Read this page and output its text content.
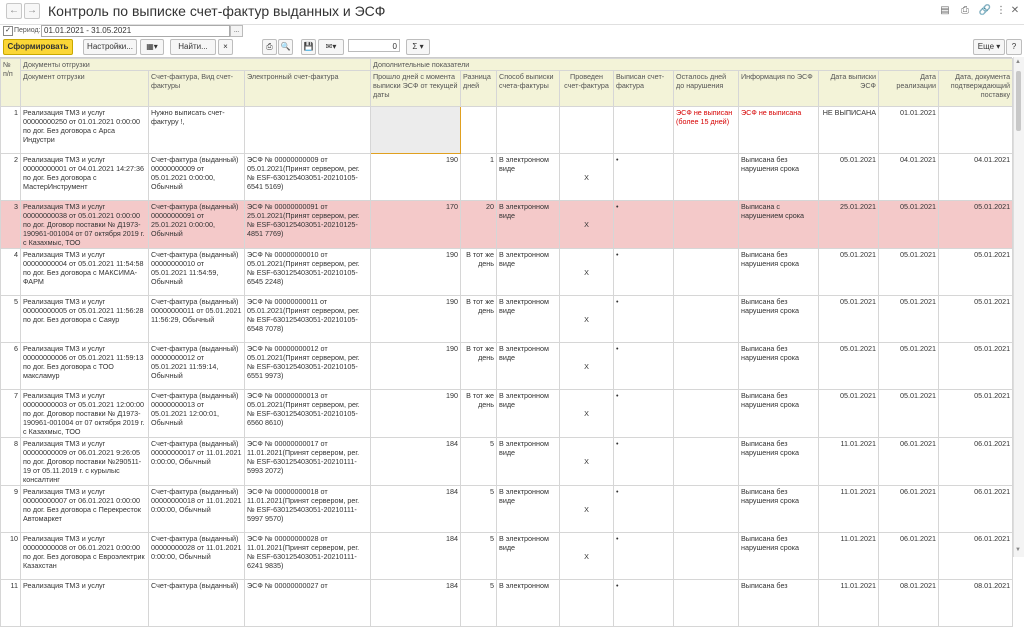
← → Контроль по выписке счет-фактур выданных и ЭСФ	▤	⎙ 🔗 ⋮ ✕
✓ Период: 01.01.2021 - 31.05.2021	...
Сформировать	Настройки...	▦▾	Найти...	×	⎙ 🔍	💾	✉▾	0	Σ ▾	Еще ▾	?
№ п/п	Документы отгрузки			Дополнительные показатели									
	Документ отгрузки	Счет-фактура, Вид счет-фактуры	Электронный счет-фактура	Прошло дней с момента выписки ЭСФ от текущей даты	Разница дней	Способ выписки счета-фактуры	Проведен счет-фактура	Выписан счет-фактура	Осталось дней до нарушения	Информация по ЭСФ	Дата выписки ЭСФ	Дата реализации	Дата, документа подтверждающий поставку
1	Реализация ТМЗ и услуг 00000000250 от 01.01.2021 0:00:00 по дог. Без договора с Арса Индустри	Нужно выписать счет-фактуру !,							ЭСФ не выписан (более 15 дней)	ЭСФ не выписана	НЕ ВЫПИСАНА	01.01.2021	
2	Реализация ТМЗ и услуг 00000000001 от 04.01.2021 14:27:36 по дог. Без договора с МастерИнструмент	Счет-фактура (выданный) 00000000009 от 05.01.2021 0:00:00, Обычный	ЭСФ № 00000000009 от 05.01.2021(Принят сервером, рег. № ESF-630125403051-20210105-6541 5169)	190	1	В электронном виде	Х	•		Выписана без нарушения срока	05.01.2021	04.01.2021	04.01.2021
3	Реализация ТМЗ и услуг 00000000038 от 05.01.2021 0:00:00 по дог. Договор поставки № Д1973-190961-001004 от 07 октября 2019 г. с Казахмыс, ТОО	Счет-фактура (выданный) 00000000091 от 25.01.2021 0:00:00, Обычный	ЭСФ № 00000000091 от 25.01.2021(Принят сервером, рег. № ESF-630125403051-20210125-4851 7769)	170	20	В электронном виде	Х	•		Выписана с нарушением срока	25.01.2021	05.01.2021	05.01.2021
4	Реализация ТМЗ и услуг 00000000004 от 05.01.2021 11:54:58 по дог. Без договора с МАКСИМА-ФАРМ	Счет-фактура (выданный) 00000000010 от 05.01.2021 11:54:59, Обычный	ЭСФ № 00000000010 от 05.01.2021(Принят сервером, рег. № ESF-630125403051-20210105-6545 2248)	190	В тот же день	В электронном виде	Х	•		Выписана без нарушения срока	05.01.2021	05.01.2021	05.01.2021
5	Реализация ТМЗ и услуг 00000000005 от 05.01.2021 11:56:28 по дог. Без договора с Саяур	Счет-фактура (выданный) 00000000011 от 05.01.2021 11:56:29, Обычный	ЭСФ № 00000000011 от 05.01.2021(Принят сервером, рег. № ESF-630125403051-20210105-6548 7078)	190	В тот же день	В электронном виде	Х	•		Выписана без нарушения срока	05.01.2021	05.01.2021	05.01.2021
6	Реализация ТМЗ и услуг 00000000006 от 05.01.2021 11:59:13 по дог. Без договора с ТОО максламур	Счет-фактура (выданный) 00000000012 от 05.01.2021 11:59:14, Обычный	ЭСФ № 00000000012 от 05.01.2021(Принят сервером, рег. № ESF-630125403051-20210105-6551 9973)	190	В тот же день	В электронном виде	Х	•		Выписана без нарушения срока	05.01.2021	05.01.2021	05.01.2021
7	Реализация ТМЗ и услуг 00000000003 от 05.01.2021 12:00:00 по дог. Договор поставки № Д1973-190961-001004 от 07 октября 2019 г. с Казахмыс, ТОО	Счет-фактура (выданный) 00000000013 от 05.01.2021 12:00:01, Обычный	ЭСФ № 00000000013 от 05.01.2021(Принят сервером, рег. № ESF-630125403051-20210105-6560 8610)	190	В тот же день	В электронном виде	Х	•		Выписана без нарушения срока	05.01.2021	05.01.2021	05.01.2021
8	Реализация ТМЗ и услуг 00000000009 от 06.01.2021 9:26:05 по дог. Договор поставки №290511-19 от 05.11.2019 г. с курылыс консалтинг	Счет-фактура (выданный) 00000000017 от 11.01.2021 0:00:00, Обычный	ЭСФ № 00000000017 от 11.01.2021(Принят сервером, рег. № ESF-630125403051-20210111-5993 2072)	184	5	В электронном виде	Х	•		Выписана без нарушения срока	11.01.2021	06.01.2021	06.01.2021
9	Реализация ТМЗ и услуг 00000000007 от 06.01.2021 0:00:00 по дог. Без договора с Перекресток Автомаркет	Счет-фактура (выданный) 00000000018 от 11.01.2021 0:00:00, Обычный	ЭСФ № 00000000018 от 11.01.2021(Принят сервером, рег. № ESF-630125403051-20210111-5997 9570)	184	5	В электронном виде	Х	•		Выписана без нарушения срока	11.01.2021	06.01.2021	06.01.2021
10	Реализация ТМЗ и услуг 00000000008 от 06.01.2021 0:00:00 по дог. Без договора с Евроэлектрик Казахстан	Счет-фактура (выданный) 00000000028 от 11.01.2021 0:00:00, Обычный	ЭСФ № 00000000028 от 11.01.2021(Принят сервером, рег. № ESF-630125403051-20210111-6241 9835)	184	5	В электронном виде	Х	•		Выписана без нарушения срока	11.01.2021	06.01.2021	06.01.2021
11	Реализация ТМЗ и услуг	Счет-фактура (выданный)	ЭСФ № 00000000027 от	184	5	В электронном		•		Выписана без	11.01.2021	08.01.2021	08.01.2021
▲
▼
